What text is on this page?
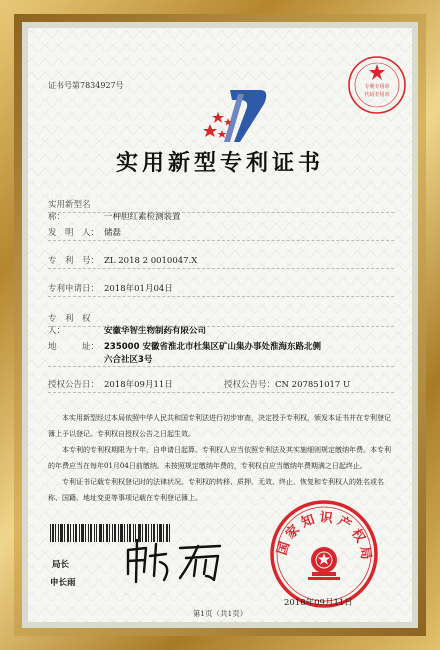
证书号第7834927号	专利专用章
代码专用章
实用新型专利证书
实用新型名称：	一种胆红素检测装置
发　明　人： 储磊
专　利　号： ZL 2018 2 0010047.X
专利申请日： 2018年01月04日
专　利　权　人：	安徽华智生物制药有限公司
地　　　址： 235000 安徽省淮北市杜集区矿山集办事处淮海东路北侧
六合社区3号
授权公告日： 2018年09月11日	授权公告号：CN 207851017 U

本实用新型经过本局依照中华人民共和国专利法进行初步审查，决定授予专利权，颁发本证书并在专利登记簿上予以登记。专利权自授权公告之日起生效。

本专利的专利权期限为十年，自申请日起算。专利权人应当依照专利法及其实施细则规定缴纳年费。本专利的年费应当在每年01月04日前缴纳。未按照规定缴纳年费的，专利权自应当缴纳年费期满之日起终止。

专利证书记载专利权登记时的法律状况。专利权的转移、质押、无效、终止、恢复和专利权人的姓名或名称、国籍、地址变更等事项记载在专利登记簿上。

局长
申长雨
国家知识产权局
2018年09月11日
第1页（共1页）
